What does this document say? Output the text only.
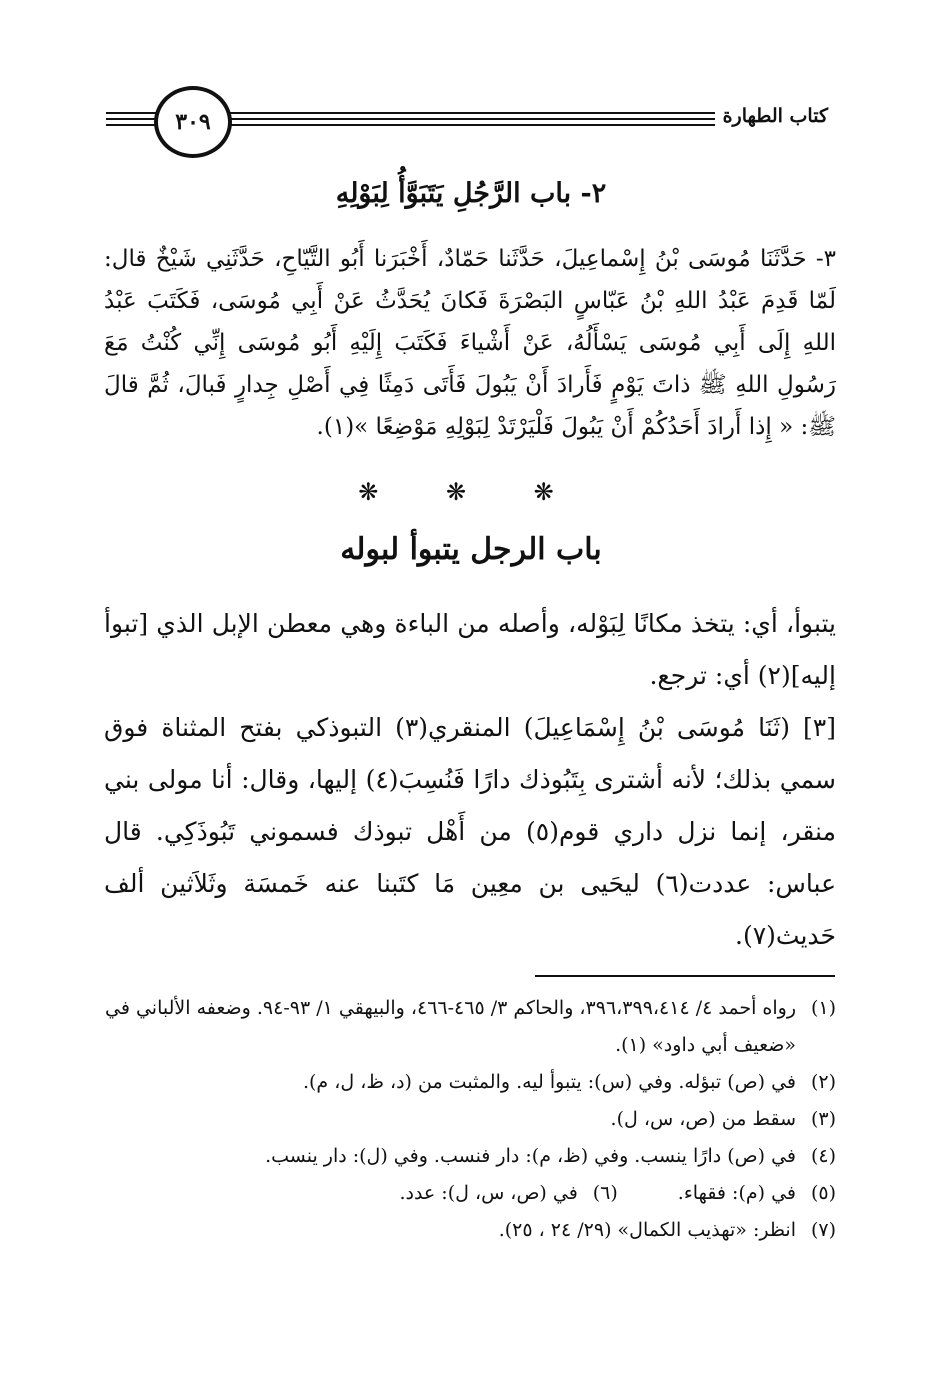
كتاب الطهارة
٣٠٩
٢- باب الرَّجُلِ يَتَبَوَّأُ لِبَوْلِهِ
٣- حَدَّثَنَا مُوسَى بْنُ إِسْماعِيلَ، حَدَّثَنا حَمّادٌ، أَخْبَرَنا أَبُو التَّيّاحِ، حَدَّثَنِي شَيْخٌ قال: لَمّا قَدِمَ عَبْدُ اللهِ بْنُ عَبّاسٍ البَصْرَةَ فَكانَ يُحَدَّثُ عَنْ أَبِي مُوسَى، فَكَتَبَ عَبْدُ اللهِ إِلَى أَبِي مُوسَى يَسْأَلُهُ، عَنْ أَشْياءَ فَكَتَبَ إِلَيْهِ أَبُو مُوسَى إِنِّي كُنْتُ مَعَ رَسُولِ اللهِ ﷺ ذاتَ يَوْمٍ فَأَرادَ أَنْ يَبُولَ فَأَتَى دَمِثًا فِي أَصْلِ جِدارٍ فَبالَ، ثُمَّ قالَ ﷺ: « إِذا أَرادَ أَحَدُكُمْ أَنْ يَبُولَ فَلْيَرْتَدْ لِبَوْلِهِ مَوْضِعًا »(١).
❋ ❋ ❋
باب الرجل يتبوأ لبوله

يتبوأ، أي: يتخذ مكانًا لِبَوْله، وأصله من الباءة وهي معطن الإبل الذي [تبوأ إليه](٢) أي: ترجع.

[٣] (ثَنَا مُوسَى بْنُ إِسْمَاعِيلَ) المنقري(٣) التبوذكي بفتح المثناة فوق سمي بذلك؛ لأنه أشترى بِتَبُوذك دارًا فَنُسِبَ(٤) إليها، وقال: أنا مولى بني منقر، إنما نزل داري قوم(٥) من أَهْل تبوذك فسموني تَبُوذَكِي. قال عباس: عددت(٦) ليحَيى بن معِين مَا كتَبنا عنه خَمسَة وثَلاَثين ألف حَديث(٧).

(١)
رواه أحمد ٤/ ٣٩٦،٣٩٩،٤١٤، والحاكم ٣/ ٤٦٥-٤٦٦، والبيهقي ١/ ٩٣-٩٤. وضعفه الألباني في «ضعيف أبي داود» (١).
(٢)
في (ص) تبؤله. وفي (س): يتبوأ ليه. والمثبت من (د، ظ، ل، م).
(٣)
سقط من (ص، س، ل).
(٤)
في (ص) دارًا ينسب. وفي (ظ، م): دار فنسب. وفي (ل): دار ينسب.
(٥)
في (م): فقهاء.
(٦)
في (ص، س، ل): عدد.
(٧)
انظر: «تهذيب الكمال» (٢٩/ ٢٤ ، ٢٥).
